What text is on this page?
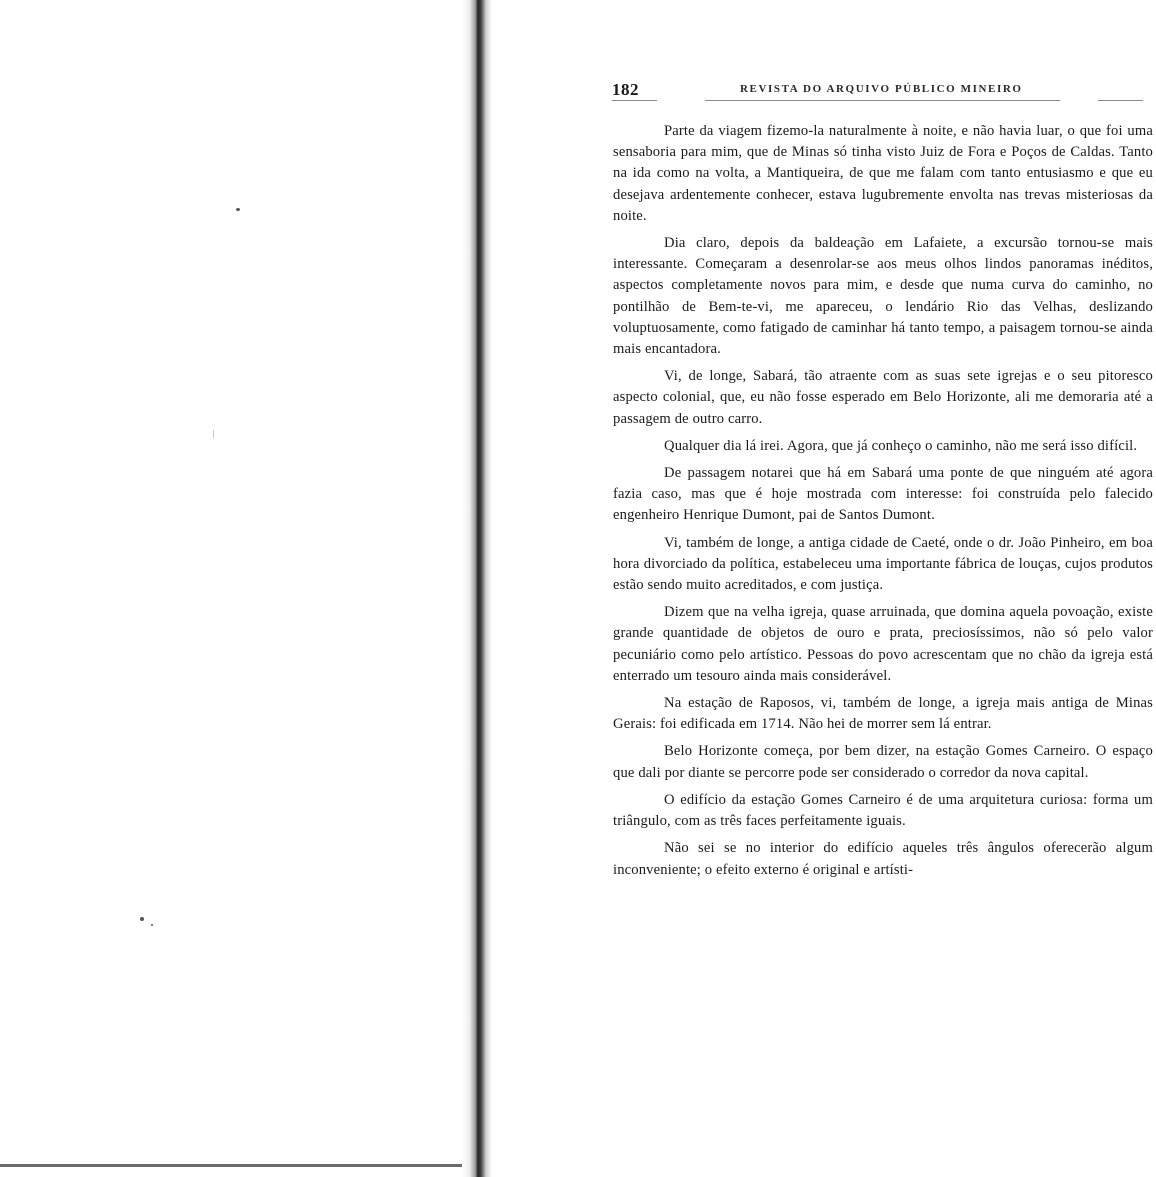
182	REVISTA DO ARQUIVO PÚBLICO MINEIRO

Parte da viagem fizemo-la naturalmente à noite, e não havia luar, o que foi uma sensaboria para mim, que de Minas só tinha visto Juiz de Fora e Poços de Caldas. Tanto na ida como na volta, a Mantiqueira, de que me falam com tanto entusiasmo e que eu desejava ardentemente conhecer, estava lugubremente envolta nas trevas misteriosas da noite.

Dia claro, depois da baldeação em Lafaiete, a excursão tornou-se mais interessante. Começaram a desenrolar-se aos meus olhos lindos panoramas inéditos, aspectos completamente novos para mim, e desde que numa curva do caminho, no pontilhão de Bem-te-vi, me apareceu, o lendário Rio das Velhas, deslizando voluptuosamente, como fatigado de caminhar há tanto tempo, a paisagem tornou-se ainda mais encantadora.

Vi, de longe, Sabará, tão atraente com as suas sete igrejas e o seu pitoresco aspecto colonial, que, eu não fosse esperado em Belo Horizonte, ali me demoraria até a passagem de outro carro.

Qualquer dia lá irei. Agora, que já conheço o caminho, não me será isso difícil.

De passagem notarei que há em Sabará uma ponte de que ninguém até agora fazia caso, mas que é hoje mostrada com interesse: foi construída pelo falecido engenheiro Henrique Dumont, pai de Santos Dumont.

Vi, também de longe, a antiga cidade de Caeté, onde o dr. João Pinheiro, em boa hora divorciado da política, estabeleceu uma importante fábrica de louças, cujos produtos estão sendo muito acreditados, e com justiça.

Dizem que na velha igreja, quase arruinada, que domina aquela povoação, existe grande quantidade de objetos de ouro e prata, preciosíssimos, não só pelo valor pecuniário como pelo artístico. Pessoas do povo acrescentam que no chão da igreja está enterrado um tesouro ainda mais considerável.

Na estação de Raposos, vi, também de longe, a igreja mais antiga de Minas Gerais: foi edificada em 1714. Não hei de morrer sem lá entrar.

Belo Horizonte começa, por bem dizer, na estação Gomes Carneiro. O espaço que dali por diante se percorre pode ser considerado o corredor da nova capital.

O edifício da estação Gomes Carneiro é de uma arquitetura curiosa: forma um triângulo, com as três faces perfeitamente iguais.

Não sei se no interior do edifício aqueles três ângulos oferecerão algum inconveniente; o efeito externo é original e artísti-
